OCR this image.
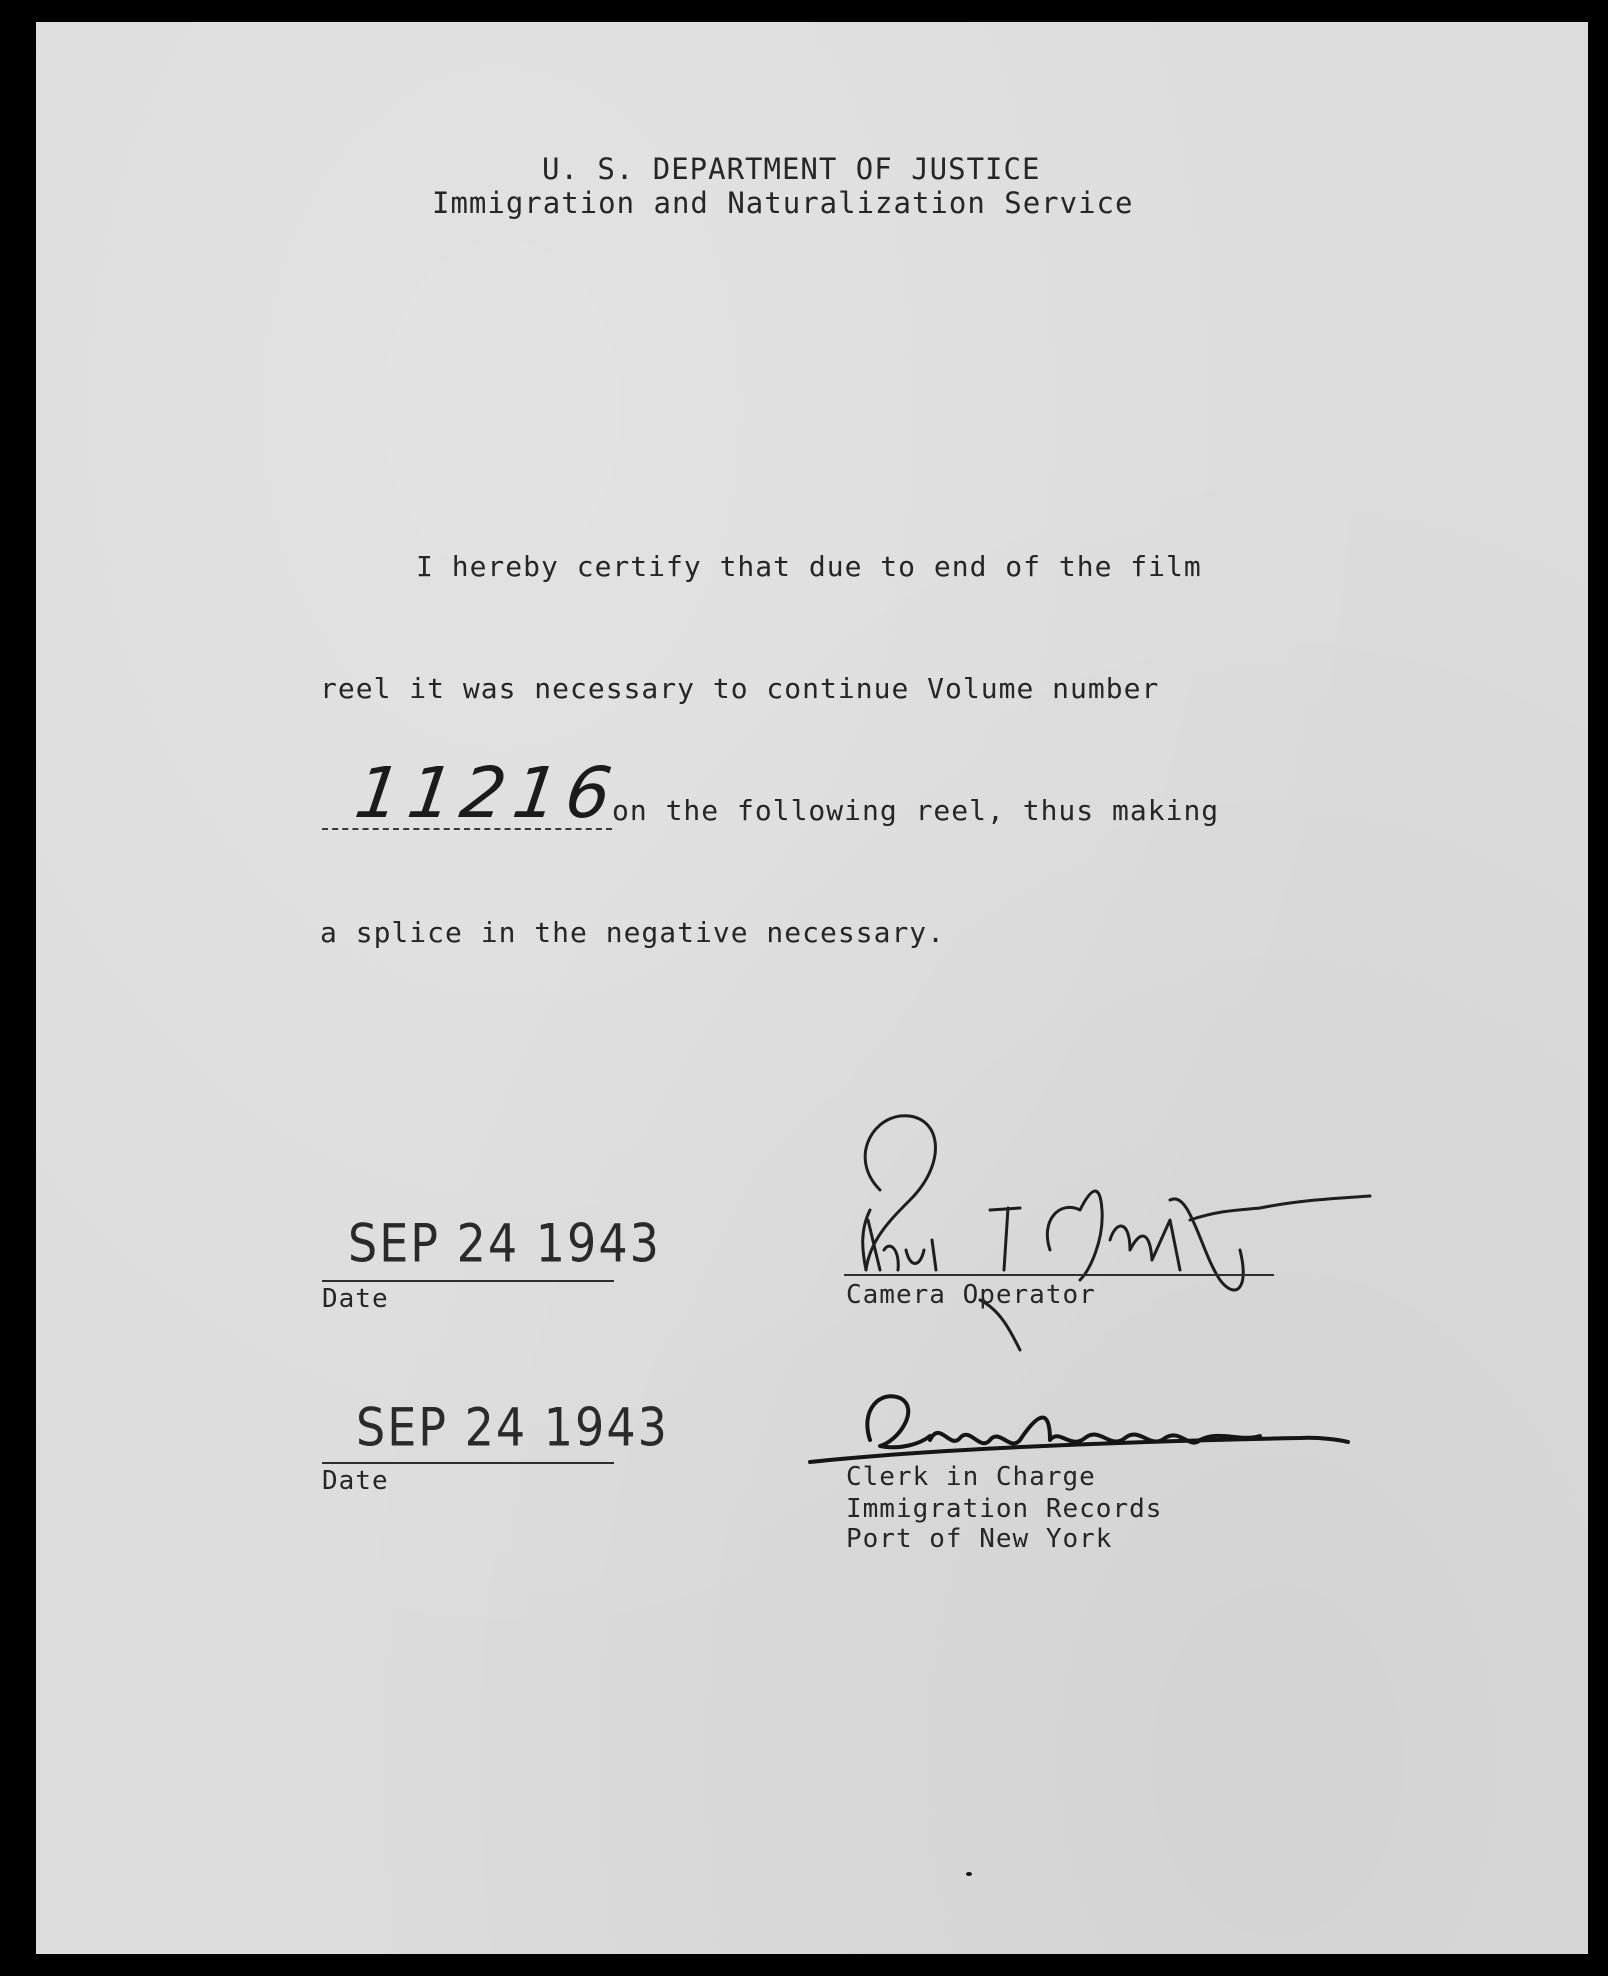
U. S. DEPARTMENT OF JUSTICE
Immigration and Naturalization Service
I hereby certify that due to end of the film
reel it was necessary to continue Volume number
11216
on the following reel, thus making
a splice in the negative necessary.
SEP 24 1943
Date	Camera Operator
SEP 24 1943
Date	Clerk in Charge
Immigration Records
Port of New York
